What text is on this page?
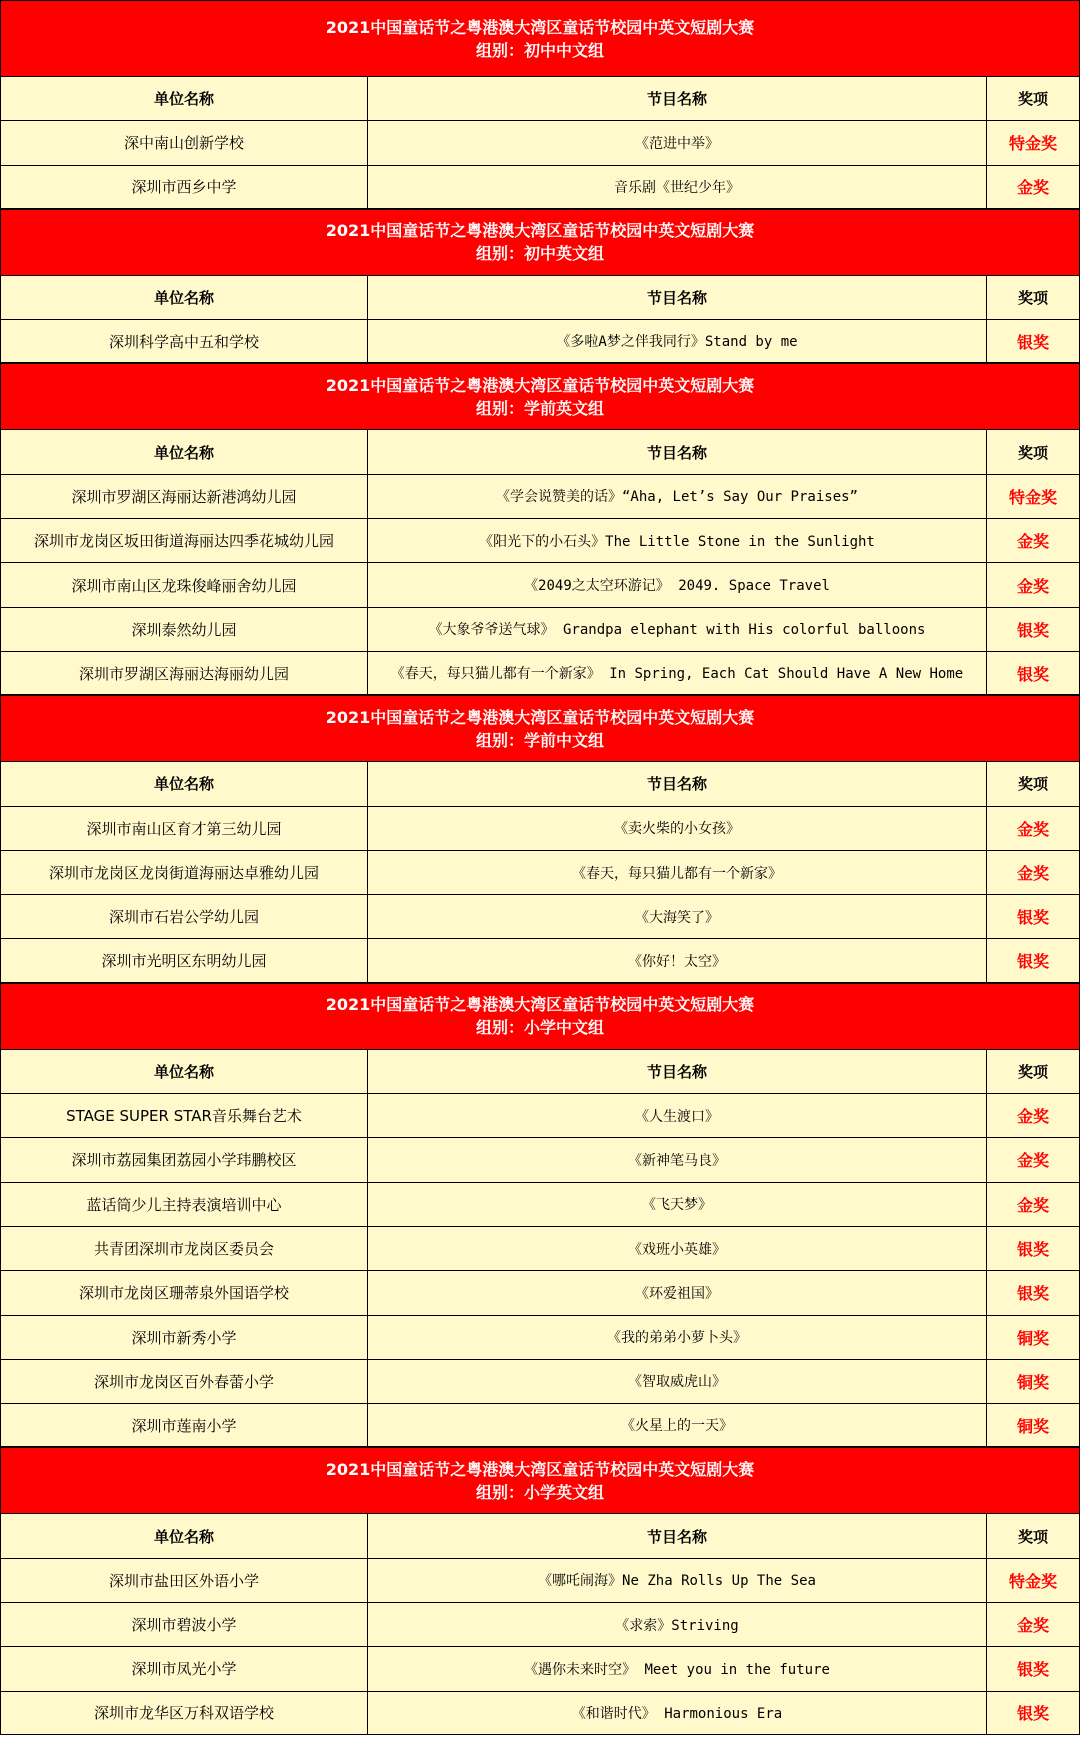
2021中国童话节之粤港澳大湾区童话节校园中英文短剧大赛
组别：初中中文组
单位名称	节目名称	奖项
深中南山创新学校	《范进中举》	特金奖
深圳市西乡中学	音乐剧《世纪少年》	金奖
2021中国童话节之粤港澳大湾区童话节校园中英文短剧大赛
组别：初中英文组
单位名称	节目名称	奖项
深圳科学高中五和学校	《多啦A梦之伴我同行》Stand by me	银奖
2021中国童话节之粤港澳大湾区童话节校园中英文短剧大赛
组别：学前英文组
单位名称	节目名称	奖项
深圳市罗湖区海丽达新港鸿幼儿园	《学会说赞美的话》“Aha, Let’s Say Our Praises”	特金奖
深圳市龙岗区坂田街道海丽达四季花城幼儿园	《阳光下的小石头》The Little Stone in the Sunlight	金奖
深圳市南山区龙珠俊峰丽舍幼儿园	《2049之太空环游记》 2049. Space Travel	金奖
深圳泰然幼儿园	《大象爷爷送气球》 Grandpa elephant with His colorful balloons	银奖
深圳市罗湖区海丽达海丽幼儿园	《春天，每只猫儿都有一个新家》 In Spring, Each Cat Should Have A New Home	银奖
2021中国童话节之粤港澳大湾区童话节校园中英文短剧大赛
组别：学前中文组
单位名称	节目名称	奖项
深圳市南山区育才第三幼儿园	《卖火柴的小女孩》	金奖
深圳市龙岗区龙岗街道海丽达卓雅幼儿园	《春天，每只猫儿都有一个新家》	金奖
深圳市石岩公学幼儿园	《大海笑了》	银奖
深圳市光明区东明幼儿园	《你好！太空》	银奖
2021中国童话节之粤港澳大湾区童话节校园中英文短剧大赛
组别：小学中文组
单位名称	节目名称	奖项
STAGE SUPER STAR音乐舞台艺术	《人生渡口》	金奖
深圳市荔园集团荔园小学玮鹏校区	《新神笔马良》	金奖
蓝话筒少儿主持表演培训中心	《飞天梦》	金奖
共青团深圳市龙岗区委员会	《戏班小英雄》	银奖
深圳市龙岗区珊蒂泉外国语学校	《环爱祖国》	银奖
深圳市新秀小学	《我的弟弟小萝卜头》	铜奖
深圳市龙岗区百外春蕾小学	《智取威虎山》	铜奖
深圳市莲南小学	《火星上的一天》	铜奖
2021中国童话节之粤港澳大湾区童话节校园中英文短剧大赛
组别：小学英文组
单位名称	节目名称	奖项
深圳市盐田区外语小学	《哪吒闹海》Ne Zha Rolls Up The Sea	特金奖
深圳市碧波小学	《求索》Striving	金奖
深圳市凤光小学	《遇你未来时空》 Meet you in the future	银奖
深圳市龙华区万科双语学校	《和谐时代》 Harmonious Era	银奖
